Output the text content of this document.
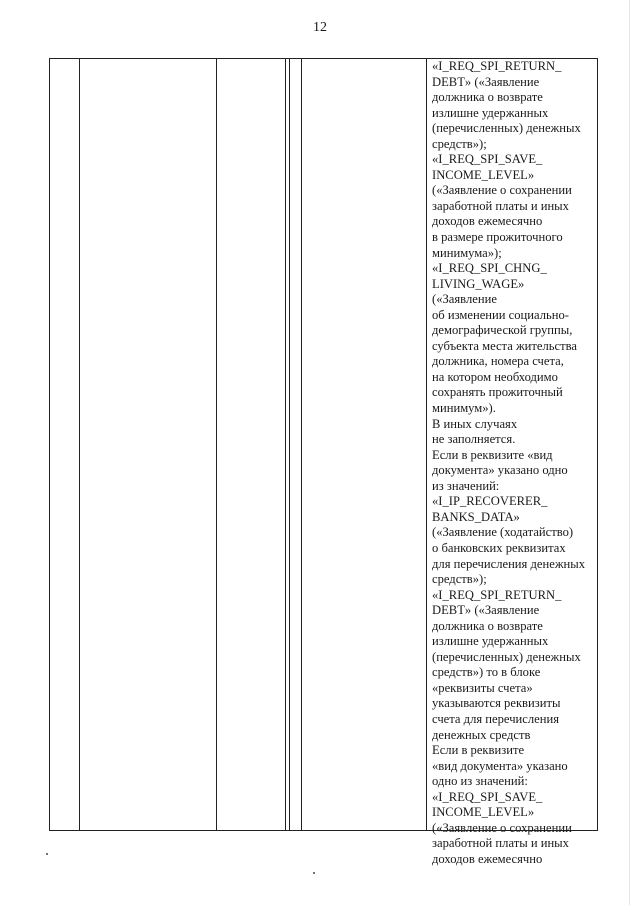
12
«I_REQ_SPI_RETURN_
DEBT» («Заявление
должника о возврате
излишне удержанных
(перечисленных) денежных
средств»);
«I_REQ_SPI_SAVE_
INCOME_LEVEL»
(«Заявление о сохранении
заработной платы и иных
доходов ежемесячно
в размере прожиточного
минимума»);
«I_REQ_SPI_CHNG_
LIVING_WAGE»
(«Заявление
об изменении социально-
демографической группы,
субъекта места жительства
должника, номера счета,
на котором необходимо
сохранять прожиточный
минимум»).
В иных случаях
не заполняется.
Если в реквизите «вид
документа» указано одно
из значений:
«I_IP_RECOVERER_
BANKS_DATA»
(«Заявление (ходатайство)
о банковских реквизитах
для перечисления денежных
средств»);
«I_REQ_SPI_RETURN_
DEBT» («Заявление
должника о возврате
излишне удержанных
(перечисленных) денежных
средств») то в блоке
«реквизиты счета»
указываются реквизиты
счета для перечисления
денежных средств
Если в реквизите
«вид документа» указано
одно из значений:
«I_REQ_SPI_SAVE_
INCOME_LEVEL»
(«Заявление о сохранении
заработной платы и иных
доходов ежемесячно
